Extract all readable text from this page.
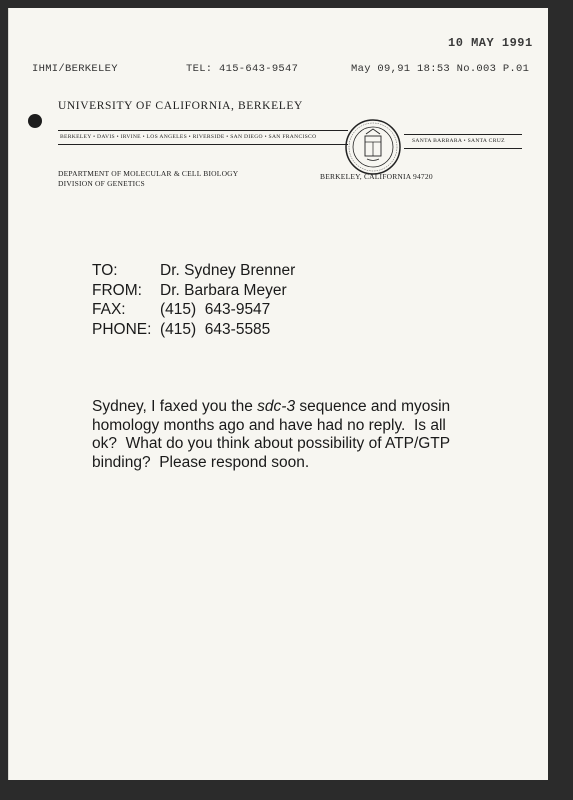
10 MAY 1991
IHMI/BERKELEY	TEL: 415-643-9547	May 09,91 18:53 No.003 P.01
UNIVERSITY OF CALIFORNIA, BERKELEY
BERKELEY • DAVIS • IRVINE • LOS ANGELES • RIVERSIDE • SAN DIEGO • SAN FRANCISCO
SANTA BARBARA • SANTA CRUZ
DEPARTMENT OF MOLECULAR & CELL BIOLOGY
DIVISION OF GENETICS
BERKELEY, CALIFORNIA 94720
TO:	Dr. Sydney Brenner
FROM:	Dr. Barbara Meyer
FAX:	(415)  643-9547
PHONE: (415)  643-5585
Sydney, I faxed you the sdc-3 sequence and myosin homology months ago and have had no reply.  Is all ok?  What do you think about possibility of ATP/GTP binding?  Please respond soon.
